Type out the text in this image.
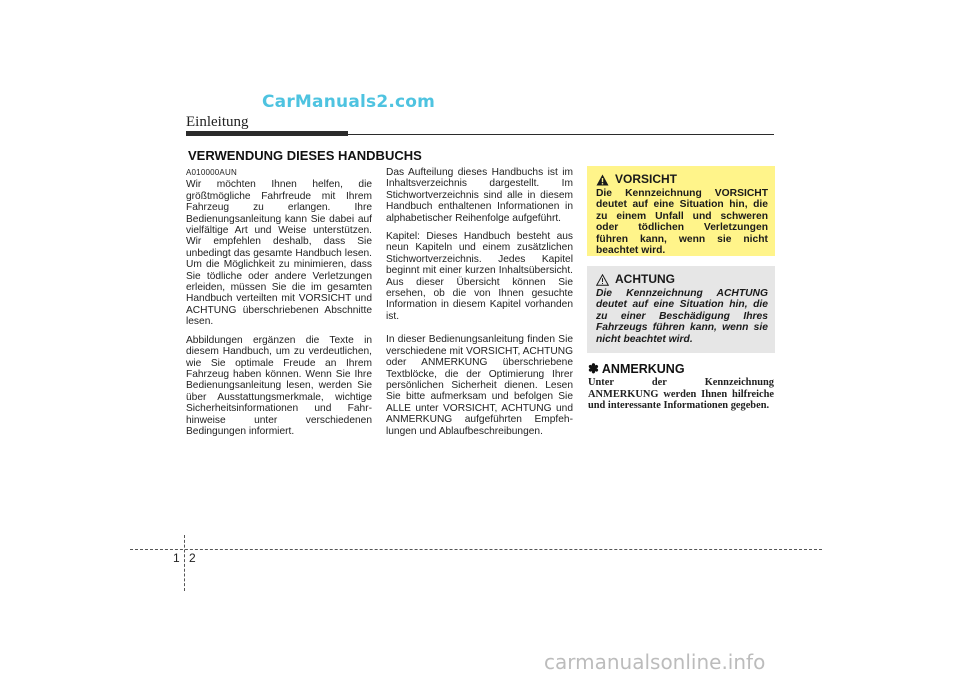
CarManuals2.com
Einleitung
VERWENDUNG DIESES HANDBUCHS
A010000AUN

Wir möchten Ihnen helfen, die größtmögliche Fahrfreude mit Ihrem Fahrzeug zu erlangen. Ihre Bedienungsanleitung kann Sie dabei auf vielfältige Art und Weise unterstützen. Wir empfehlen deshalb, dass Sie unbedingt das gesamte Handbuch lesen. Um die Möglichkeit zu minimieren, dass Sie tödliche oder andere Verletzungen erleiden, müssen Sie die im gesamten Handbuch verteilten mit VORSICHT und ACHTUNG überschriebenen Abschnitte lesen.

Abbildungen ergänzen die Texte in diesem Handbuch, um zu verdeutlichen, wie Sie optimale Freude an Ihrem Fahrzeug haben können. Wenn Sie Ihre Bedienungsanleitung lesen, werden Sie über Ausstattungsmerkmale, wichtige Sicherheitsinformationen und Fahr- hinweise unter verschiedenen Bedingungen informiert.

Das Aufteilung dieses Handbuchs ist im Inhaltsverzeichnis dargestellt. Im Stichwortverzeichnis sind alle in diesem Handbuch enthaltenen Informationen in alphabetischer Reihenfolge aufgeführt.

Kapitel: Dieses Handbuch besteht aus neun Kapiteln und einem zusätzlichen Stichwortverzeichnis. Jedes Kapitel beginnt mit einer kurzen Inhaltsübersicht. Aus dieser Übersicht können Sie ersehen, ob die von Ihnen gesuchte Information in diesem Kapitel vorhanden ist.

In dieser Bedienungsanleitung finden Sie verschiedene mit VORSICHT, ACHTUNG oder ANMERKUNG überschriebene Textblöcke, die der Optimierung Ihrer persönlichen Sicherheit dienen. Lesen Sie bitte aufmerksam und befolgen Sie ALLE unter VORSICHT, ACHTUNG und ANMERKUNG aufgeführten Empfeh- lungen und Ablaufbeschreibungen.

VORSICHT
Die Kennzeichnung VORSICHT deutet auf eine Situation hin, die zu einem Unfall und schweren oder tödlichen Verletzungen führen kann, wenn sie nicht beachtet wird.
ACHTUNG
Die Kennzeichnung ACHTUNG deutet auf eine Situation hin, die zu einer Beschädigung Ihres Fahrzeugs führen kann, wenn sie nicht beachtet wird.
✽ ANMERKUNG
Unter der Kennzeichnung ANMERKUNG werden Ihnen hilfreiche und interessante Informationen gegeben.
1 2
carmanualsonline.info
